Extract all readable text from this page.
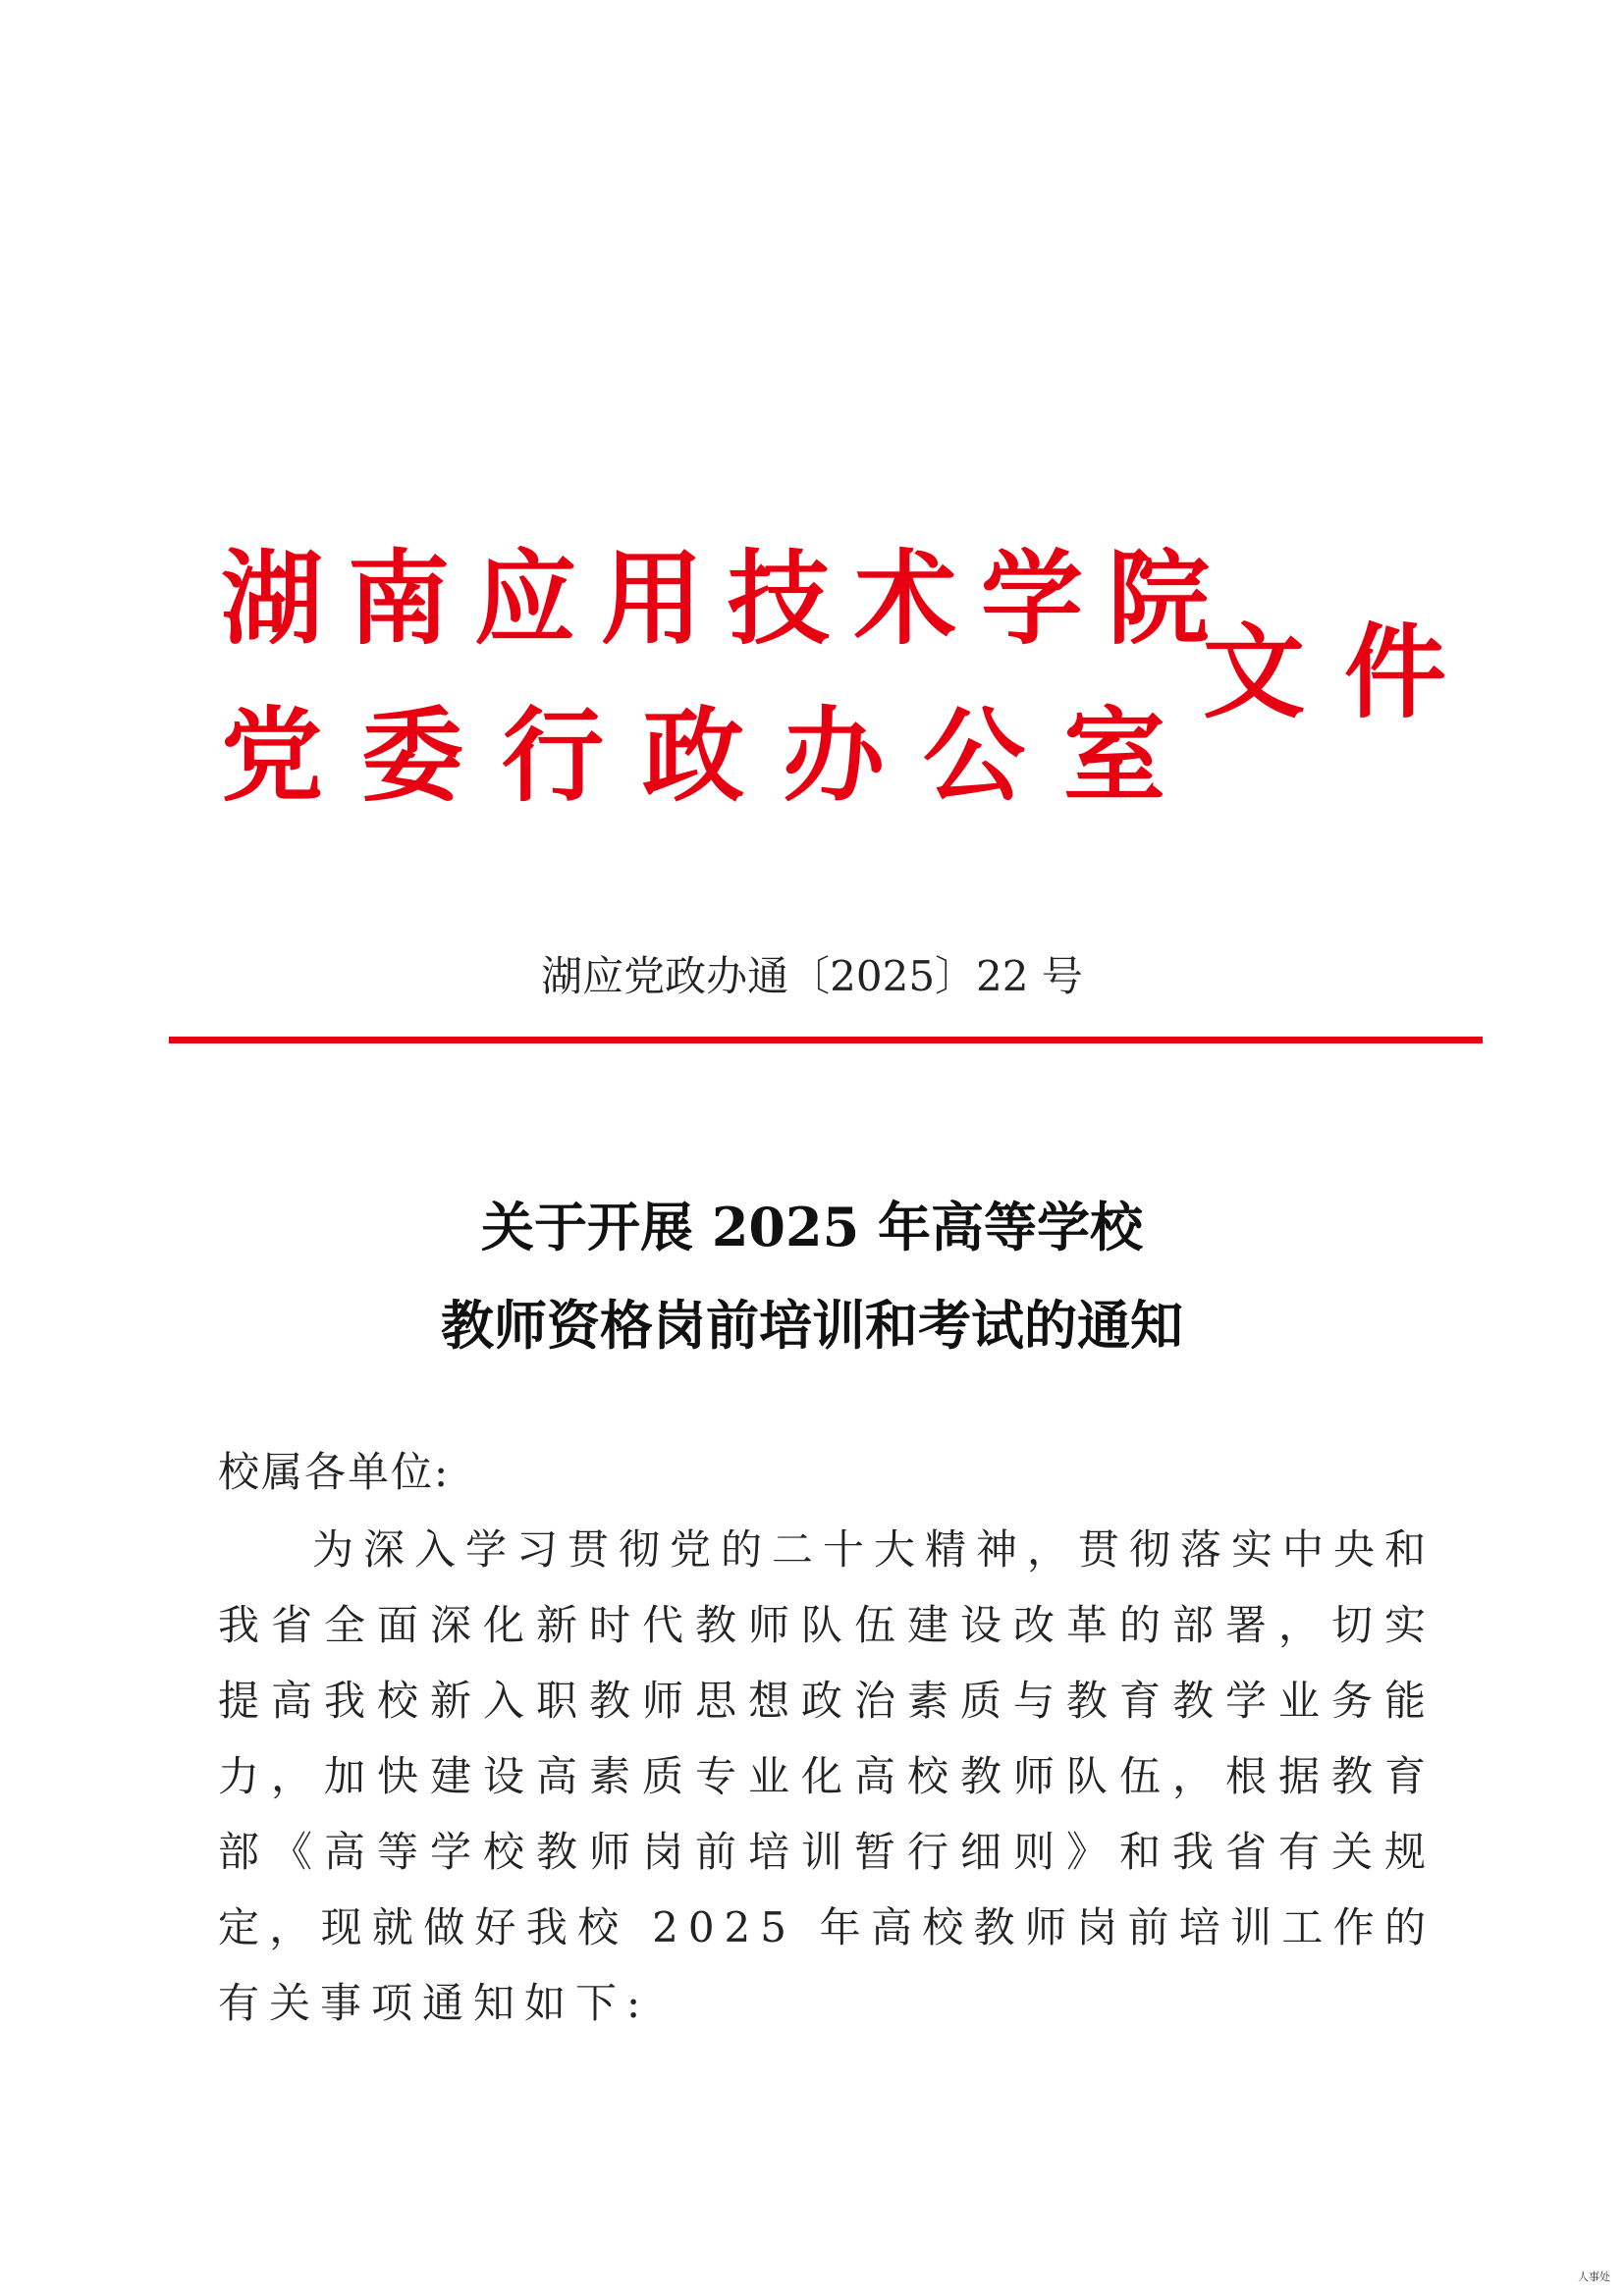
湖南应用技术学院
党委行政办公室
文件
湖应党政办通〔2025〕22 号
关于开展 2025 年高等学校
教师资格岗前培训和考试的通知
校属各单位:
为深入学习贯彻党的二十大精神，贯彻落实中央和我省全面深化新时代教师队伍建设改革的部署，切实提高我校新入职教师思想政治素质与教育教学业务能力，加快建设高素质专业化高校教师队伍，根据教育部《高等学校教师岗前培训暂行细则》和我省有关规定，现就做好我校 2025 年高校教师岗前培训工作的有关事项通知如下:
人事处
